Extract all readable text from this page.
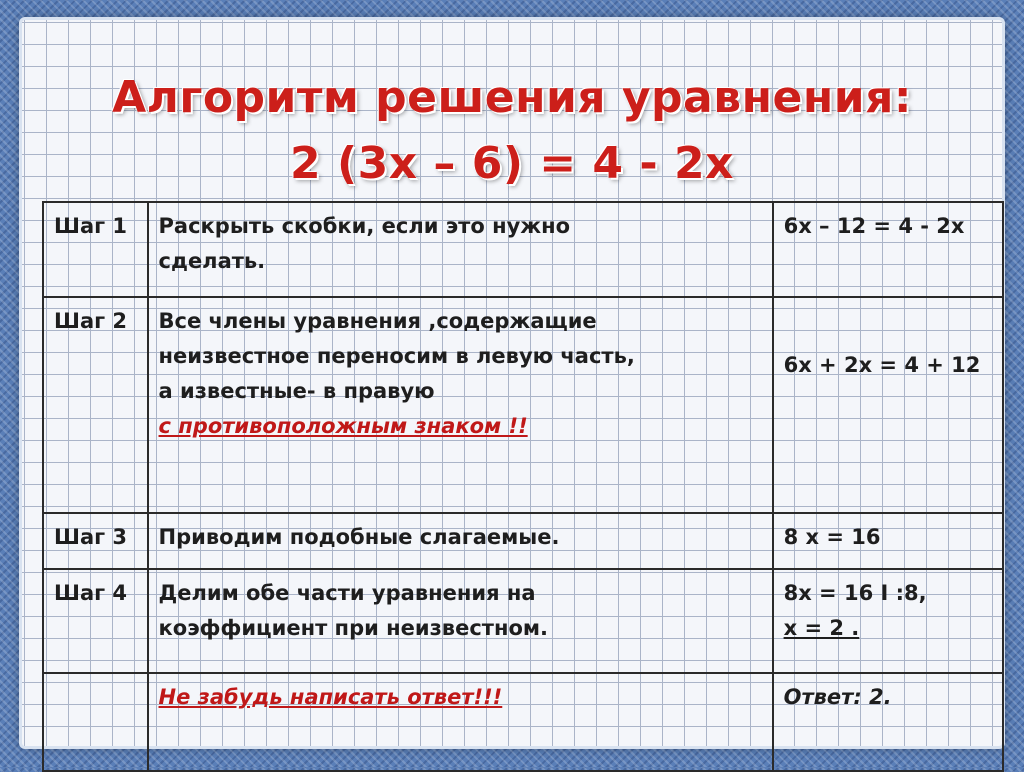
Алгоритм решения уравнения:
2 (3х – 6) = 4 - 2х
Шаг 1	Раскрыть скобки, если это нужно
сделать.	6х – 12 = 4 - 2х

Шаг 2	Все члены уравнения ,содержащие
неизвестное переносим в левую часть,
а известные- в правую
с противоположным знаком !!	6х + 2х = 4 + 12

Шаг 3	Приводим подобные слагаемые.	8 х = 16

Шаг 4	Делим обе части уравнения на
коэффициент при неизвестном.	8х = 16 I :8,
х = 2 .

	Не забудь написать ответ!!!	Ответ: 2.
